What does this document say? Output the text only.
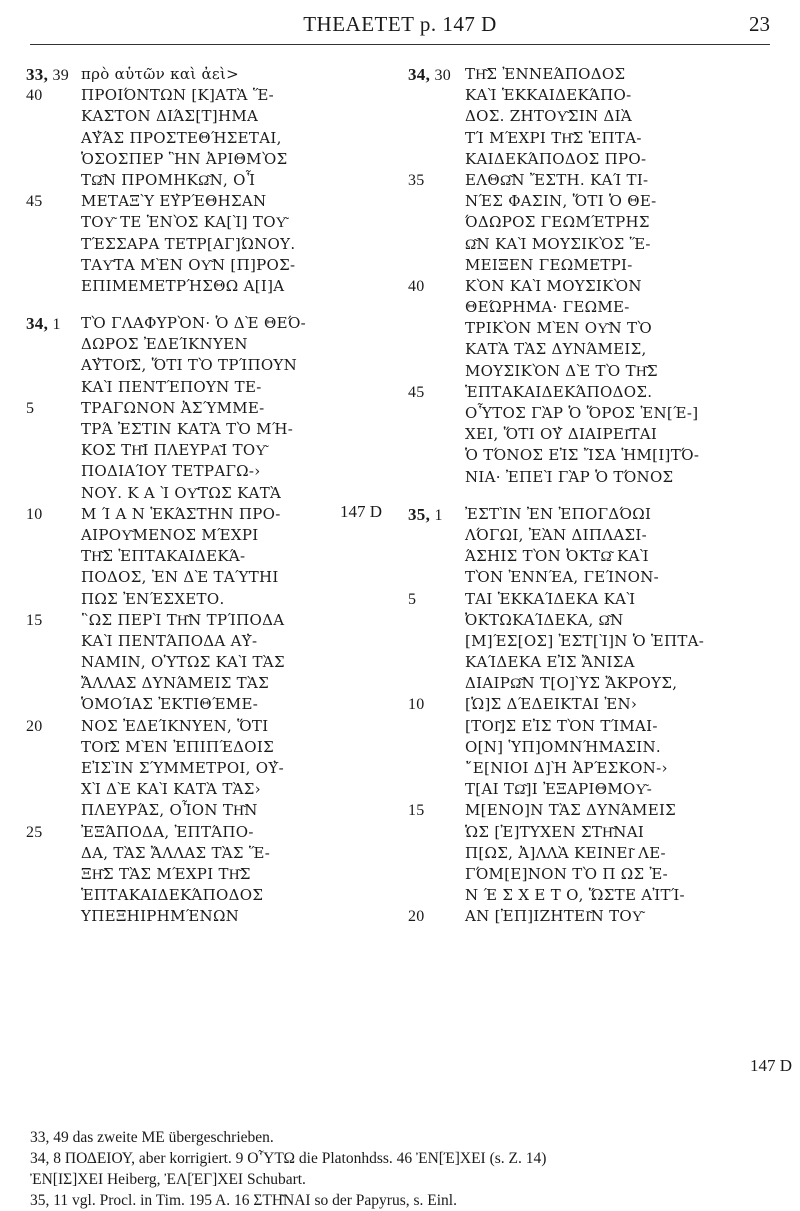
THEAETET p. 147 D	23
33, 39 πρὸ αὑτῶν καὶ ἀεὶ>
40	ΠΡΟΙΌΝΤΩΝ [Κ]ΑΤᾺ Ἕ-
ΚΑΣΤΟΝ ΔΙΆΣ[Τ]ΗΜΑ
ΑΥ̓ΆΣ ΠΡΟΣΤΕΘΉΣΕΤΑΙ,
ὉΣΟΣΠΕΡ ἫΝ ἈΡΙΘΜῸΣ
ΤΩ͂Ν ΠΡΟΜΗΚΩ͂Ν, ΟἿ
45	ΜΕΤΑΞῪ ΕΥ̓ΡΈΘΗΣΑΝ
ΤΟΥ͂ ΤΕ ἙΝῸΣ ΚΑ[Ὶ] ΤΟΥ͂
ΤΈΣΣΑΡΑ ΤΕΤΡ[ΑΓ]ΏΝΟΥ.
ΤΑΥ͂ΤΑ ΜῈΝ ΟΥ͂Ν [Π]ΡΟΣ-
ΕΠΙΜΕΜΕΤΡΉΣΘΩ Α[Ι]Α
34, 1 ΤῸ ΓΛΑΦΥΡῸΝ· Ὁ ΔῈ ΘΕΌ-
ΔΩΡΟΣ ἘΔΕΊΚΝΥΕΝ
ΑΥ̓ΤΟΙ͂Σ, ὍΤΙ ΤῸ ΤΡΊΠΟΥΝ
ΚΑῚ ΠΕΝΤΈΠΟΥΝ ΤΕ-
5	ΤΡΑΓΩΝΟΝ ἈΣΎΜΜΕ-
ΤΡΆ ἘΣΤΙΝ ΚΑΤᾺ ΤῸ ΜΉ-
ΚΟΣ ΤΗ͂Ι ΠΛΕΥΡΑ͂Ι ΤΟΥ͂
ΠΟΔΙΑΊΟΥ ΤΕΤΡΑΓΩ-›
ΝΟΥ. Κ Α Ὶ ΟΥ͂ΤΩΣ ΚΑΤᾺ
10	Μ Ί Α Ν ἙΚΆΣΤΗΝ ΠΡΟ-
ΑΙΡΟΥ͂ΜΕΝΟΣ ΜΈΧΡΙ
ΤΗ͂Σ ἙΠΤΑΚΑΙΔΕΚΆ-
ΠΟΔΟΣ, ἘΝ ΔῈ ΤΑΎΤΗΙ
ΠΩΣ ἘΝΈΣΧΕΤΟ.
15	῝ΩΣ ΠΕΡῚ ΤΗ͂Ν ΤΡΊΠΟΔΑ
ΚΑῚ ΠΕΝΤΆΠΟΔΑ ΑΥ̓-
ΝΑΜΙΝ, ΟὙΤΩΣ ΚΑῚ ΤᾺΣ
ἌΛΛΑΣ ΔΥΝΆΜΕΙΣ ΤᾺΣ
ὉΜΟΊΑΣ ἘΚΤΙΘΈΜΕ-
20	ΝΟΣ ἘΔΕΊΚΝΥΕΝ, ὍΤΙ
ΤΟΙ͂Σ ΜῈΝ ἘΠΙΠΈΔΟΙΣ
ΕἸΣῚΝ ΣΎΜΜΕΤΡΟΙ, ΟΥ̓-
ΧῚ ΔῈ ΚΑῚ ΚΑΤᾺ ΤᾺΣ›
ΠΛΕΥΡΆΣ, ΟἾΟΝ ΤΗ͂Ν
25	ἘΞΆΠΟΔΑ, ἘΠΤΆΠΟ-
ΔΑ, ΤᾺΣ ἌΛΛΑΣ ΤᾺΣ Ἕ-
ΞΗ͂Σ ΤᾺΣ ΜΈΧΡΙ ΤΗ͂Σ
ἙΠΤΑΚΑΙΔΕΚΆΠΟΔΟΣ
ΥΠΕΞΗΙΡΗΜΈΝΩΝ
34, 30 ΤΗ͂Σ ἘΝΝΕΆΠΟΔΟΣ
ΚΑῚ ἙΚΚΑΙΔΕΚΆΠΟ-
ΔΟΣ. ΖΗΤΟΥ͂ΣΙΝ ΔΙᾺ
ΤΊ ΜΈΧΡΙ ΤΗ͂Σ ἙΠΤΑ-
ΚΑΙΔΕΚΆΠΟΔΟΣ ΠΡΟ-
35	ΕΛΘΩ͂Ν ἜΣΤΗ. ΚΑΊ ΤΙ-
ΝΈΣ ΦΑΣΙΝ, ὍΤΙ Ὁ ΘΕ-
ΌΔΩΡΟΣ ΓΕΩΜΈΤΡΗΣ
Ω͂Ν ΚΑῚ ΜΟΥΣΙΚῸΣ Ἕ-
ΜΕΙΞΕΝ ΓΕΩΜΕΤΡΙ-
40	ΚῸΝ ΚΑῚ ΜΟΥΣΙΚῸΝ
ΘΕΏΡΗΜΑ· ΓΕΩΜΕ-
ΤΡΙΚῸΝ ΜῈΝ ΟΥ͂Ν ΤῸ
ΚΑΤᾺ ΤᾺΣ ΔΥΝΆΜΕΙΣ,
ΜΟΥΣΙΚῸΝ ΔῈ ΤῸ ΤΗ͂Σ
45	ἙΠΤΑΚΑΙΔΕΚΆΠΟΔΟΣ.
ΟὟΤΟΣ ΓᾺΡ Ὁ ὍΡΟΣ ἘΝ[Έ-]
ΧΕΙ, ὍΤΙ ΟΥ̓ ΔΙΑΙΡΕΙ͂ΤΑΙ
Ὁ ΤΌΝΟΣ ΕἸΣ ἼΣΑ ἩΜ[Ι]ΤΌ-
ΝΙΑ· ἘΠΕῚ ΓᾺΡ Ὁ ΤΌΝΟΣ
35, 1 ἘΣΤῚΝ ἘΝ ἘΠΟΓΔΌΩΙ
ΛΌΓΩΙ, ἘᾺΝ ΔΙΠΛΑΣΙ-
ΆΣΗΙΣ ΤῸΝ ὈΚΤΩ͂ ΚΑῚ
ΤῸΝ ἘΝΝΈΑ, ΓΕΊΝΟΝ-
5	ΤΑΙ ἙΚΚΑΊΔΕΚΑ ΚΑῚ
ὈΚΤΩΚΑΊΔΕΚΑ, Ω͂Ν
[Μ]ΈΣ[ΟΣ] ἘΣΤ[Ὶ]Ν Ὁ ἙΠΤΑ-
ΚΑΊΔΕΚΑ ΕἸΣ ἌΝΙΣΑ
ΔΙΑΙΡΩ͂Ν Τ[Ο]ῪΣ ἌΚΡΟΥΣ,
10	[Ὡ]Σ ΔΈΔΕΙΚΤΑΙ ἘΝ›
[ΤΟΙ͂]Σ ΕἸΣ ΤῸΝ ΤΊΜΑΙ-
Ο[Ν] ὙΠ]ΟΜΝΉΜΑΣΙΝ.
῎Ε[ΝΙΟΙ Δ]Ὴ ἈΡΈΣΚΟΝ-›
Τ[ΑΙ ΤΩ͂]Ι ἘΞΑΡΙΘΜΟΥ͂-
15	Μ[ΕΝΟ]Ν ΤᾺΣ ΔΥΝΆΜΕΙΣ
ὩΣ [Ἐ]ΤΥΧΕΝ ΣΤΗ͂ΝΑΙ
Π[ΩΣ, Ἀ]ΛΛᾺ ΚΕΙΝΕΙ͂ ΛΕ-
ΓΌΜ[Ε]ΝΟΝ ΤῸ Π ΩΣ Ἐ-
Ν Έ Σ Χ Ε Τ Ο, ὭΣΤΕ ΑἸΤΊ-
20	ΑΝ [ἘΠ]ΙΖΗΤΕΙ͂Ν ΤΟΥ͂
147 D
147 D
33, 49 das zweite ΜΕ übergeschrieben.
34, 8 ΠΟΔΕΙΟΥ, aber korrigiert. 9 ΟὟΤΩ die Platonhdss. 46 ἘΝ[Έ]ΧΕΙ (s. Z. 14)
ἘΝ[ΙΣ]ΧΕΙ Heiberg, ἘΛ[ΈΓ]ΧΕΙ Schubart.
35, 11 vgl. Procl. in Tim. 195 A. 16 ΣΤΗ͂ΝΑΙ so der Papyrus, s. Einl.
